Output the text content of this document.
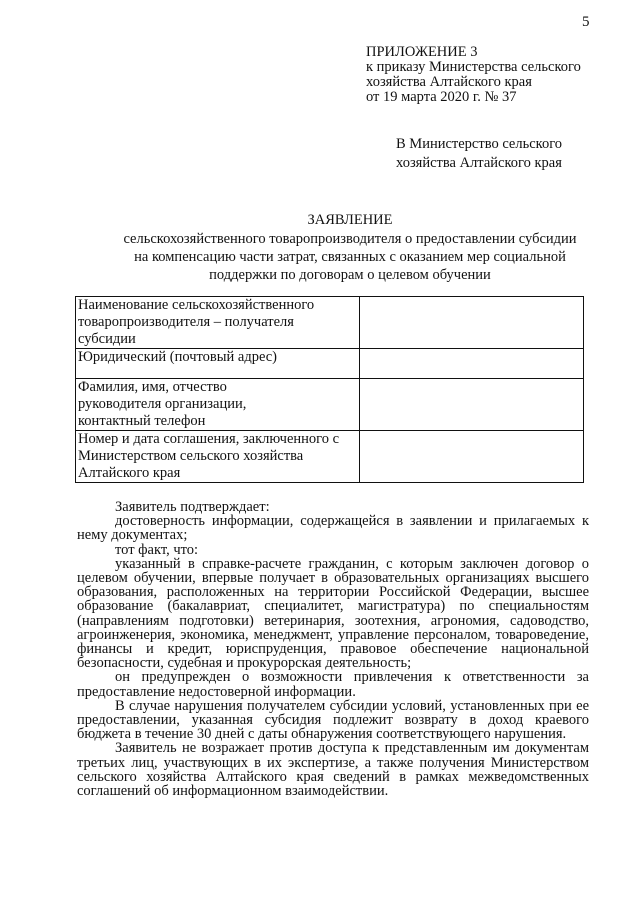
5
ПРИЛОЖЕНИЕ 3
к приказу Министерства сельского
хозяйства Алтайского края
от 19 марта 2020 г. № 37
В Министерство сельского
хозяйства Алтайского края
ЗАЯВЛЕНИЕ
сельскохозяйственного товаропроизводителя о предоставлении субсидии
на компенсацию части затрат, связанных с оказанием мер социальной
поддержки по договорам о целевом обучении
Наименование сельскохозяйственного
товаропроизводителя – получателя
субсидии	

Юридический (почтовый адрес)	

Фамилия, имя, отчество
руководителя организации,
контактный телефон	

Номер и дата соглашения, заключенного с
Министерством сельского хозяйства
Алтайского края	

Заявитель подтверждает:

достоверность информации, содержащейся в заявлении и прилагаемых к нему документах;

тот факт, что:

указанный в справке-расчете гражданин, с которым заключен договор о целевом обучении, впервые получает в образовательных организациях высшего образования, расположенных на территории Российской Федерации, высшее образование (бакалавриат, специалитет, магистратура) по специальностям (направлениям подготовки) ветеринария, зоотехния, агрономия, садоводство, агроинженерия, экономика, менеджмент, управление персоналом, товароведение, финансы и кредит, юриспруденция, правовое обеспечение национальной безопасности, судебная и прокурорская деятельность;

он предупрежден о возможности привлечения к ответственности за предоставление недостоверной информации.

В случае нарушения получателем субсидии условий, установленных при ее предоставлении, указанная субсидия подлежит возврату в доход краевого бюджета в течение 30 дней с даты обнаружения соответствующего нарушения.

Заявитель не возражает против доступа к представленным им документам третьих лиц, участвующих в их экспертизе, а также получения Министерством сельского хозяйства Алтайского края сведений в рамках межведомственных соглашений об информационном взаимодействии.
